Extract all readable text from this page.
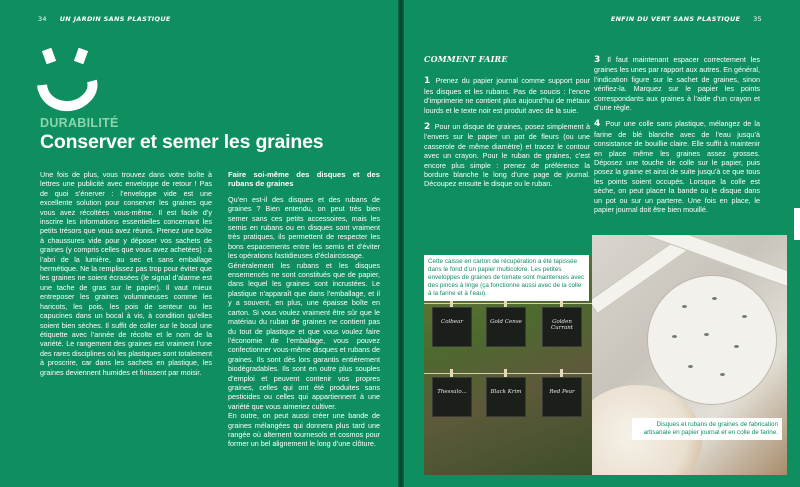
34 UN JARDIN SANS PLASTIQUE
DURABILITÉ
Conserver et semer les graines

Une fois de plus, vous trouvez dans votre boîte à lettres une publicité avec enveloppe de retour ! Pas de quoi s’énerver : l’enveloppe vide est une excellente solution pour conserver les graines que vous avez récoltées vous-même. Il est facile d’y inscrire les informations essentielles concernant les petits trésors que vous avez réunis. Prenez une boîte à chaussures vide pour y déposer vos sachets de graines (y compris celles que vous avez achetées) : à l’abri de la lumière, au sec et sans emballage hermétique. Ne la remplissez pas trop pour éviter que les graines ne soient écrasées (le signal d’alarme est une tache de gras sur le papier). Il vaut mieux entreposer les graines volumineuses comme les haricots, les pois, les pois de senteur ou les capucines dans un bocal à vis, à condition qu’elles soient bien sèches. Il suffit de coller sur le bocal une étiquette avec l’année de récolte et le nom de la variété. Le rangement des graines est vraiment l’une des rares disciplines où les plastiques sont totalement à proscrire, car dans les sachets en plastique, les graines deviennent humides et finissent par moisir.

Faire soi-même des disques et des rubans de graines

Qu’en est-il des disques et des rubans de graines ? Bien entendu, on peut très bien semer sans ces petits accessoires, mais les semis en rubans ou en disques sont vraiment très pratiques, ils permettent de respecter les bons espacements entre les semis et d’éviter les opérations fastidieuses d’éclaircissage.

Généralement les rubans et les disques ensemencés ne sont constitués que de papier, dans lequel les graines sont incrustées. Le plastique n’apparaît que dans l’emballage, et il y a souvent, en plus, une épaisse boîte en carton. Si vous voulez vraiment être sûr que le matériau du ruban de graines ne contient pas du tout de plastique et que vous voulez faire l’économie de l’emballage, vous pouvez confectionner vous-même disques et rubans de graines. Ils sont dès lors garantis entièrement biodégradables. Ils sont en outre plus souples d’emploi et peuvent contenir vos propres graines, celles qui ont été produites sans pesticides ou celles qui appartiennent à une variété que vous aimeriez cultiver.

En outre, on peut aussi créer une bande de graines mélangées qui donnera plus tard une rangée où alternent tournesols et cosmos pour former un bel alignement le long d’une clôture.

ENFIN DU VERT SANS PLASTIQUE 35
COMMENT FAIRE
1 Prenez du papier journal comme support pour les disques et les rubans. Pas de soucis : l’encre d’imprimerie ne contient plus aujourd’hui de métaux lourds et le texte noir est produit avec de la suie.
2 Pour un disque de graines, posez simplement à l’envers sur le papier un pot de fleurs (ou une casserole de même diamètre) et tracez le contour avec un crayon. Pour le ruban de graines, c’est encore plus simple : prenez de préférence la bordure blanche le long d’une page de journal. Découpez ensuite le disque ou le ruban.
3 Il faut maintenant espacer correctement les graines les unes par rapport aux autres. En général, l’indication figure sur le sachet de graines, sinon vérifiez-la. Marquez sur le papier les points correspondants aux graines à l’aide d’un crayon et d’une règle.
4 Pour une colle sans plastique, mélangez de la farine de blé blanche avec de l’eau jusqu’à consistance de bouillie claire. Elle suffit à maintenir en place même les graines assez grosses. Déposez une touche de colle sur le papier, puis posez la graine et ainsi de suite jusqu’à ce que tous les points soient occupés. Lorsque la colle est sèche, on peut placer la bande ou le disque dans un pot ou sur un parterre. Une fois en place, le papier journal doit être bien mouillé.
Colbear	Gold Cense	Golden Currant
Thessalo...	Black Krim	Red Pear
Cette caisse en carton de récupération a été tapissée dans le fond d’un papier multicolore. Les petites enveloppes de graines de tomate sont maintenues avec des pinces à linge (ça fonctionne aussi avec de la colle à la farine et à l’eau).
Disques et rubans de graines de fabrication artisanale en papier journal et en colle de farine.
